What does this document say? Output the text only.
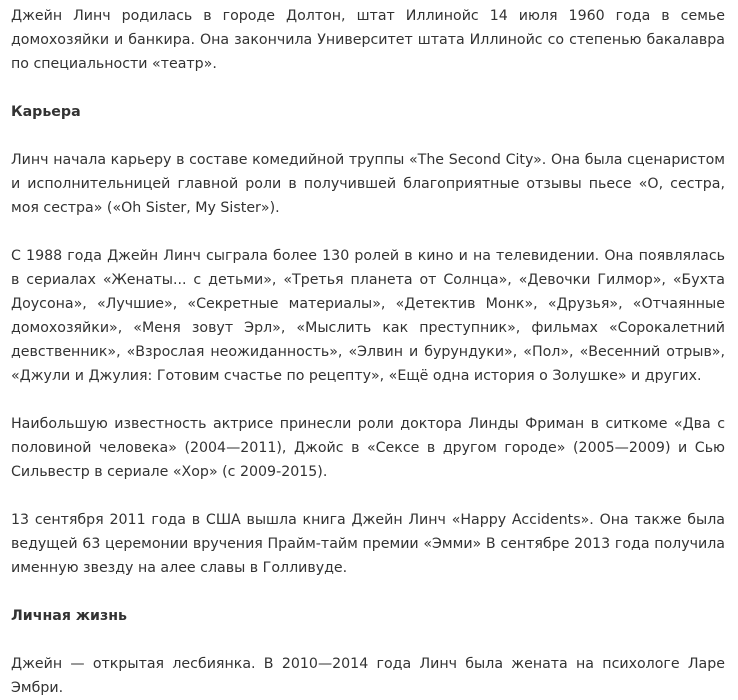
Джейн Линч родилась в городе Долтон, штат Иллинойс 14 июля 1960 года в семье домохозяйки и банкира. Она закончила Университет штата Иллинойс со степенью бакалавра по специальности «театр».

Карьера

Линч начала карьеру в составе комедийной труппы «The Second City». Она была сценаристом и исполнительницей главной роли в получившей благоприятные отзывы пьесе «О, сестра, моя сестра» («Oh Sister, My Sister»).

С 1988 года Джейн Линч сыграла более 130 ролей в кино и на телевидении. Она появлялась в сериалах «Женаты... с детьми», «Третья планета от Солнца», «Девочки Гилмор», «Бухта Доусона», «Лучшие», «Секретные материалы», «Детектив Монк», «Друзья», «Отчаянные домохозяйки», «Меня зовут Эрл», «Мыслить как преступник», фильмах «Сорокалетний девственник», «Взрослая неожиданность», «Элвин и бурундуки», «Пол», «Весенний отрыв», «Джули и Джулия: Готовим счастье по рецепту», «Ещё одна история о Золушке» и других.

Наибольшую известность актрисе принесли роли доктора Линды Фриман в ситкоме «Два с половиной человека» (2004—2011), Джойс в «Сексе в другом городе» (2005—2009) и Сью Сильвестр в сериале «Хор» (с 2009-2015).

13 сентября 2011 года в США вышла книга Джейн Линч «Happy Accidents». Она также была ведущей 63 церемонии вручения Прайм-тайм премии «Эмми» В сентябре 2013 года получила именную звезду на алее славы в Голливуде.

Личная жизнь

Джейн — открытая лесбиянка. В 2010—2014 года Линч была жената на психологе Ларе Эмбри.
